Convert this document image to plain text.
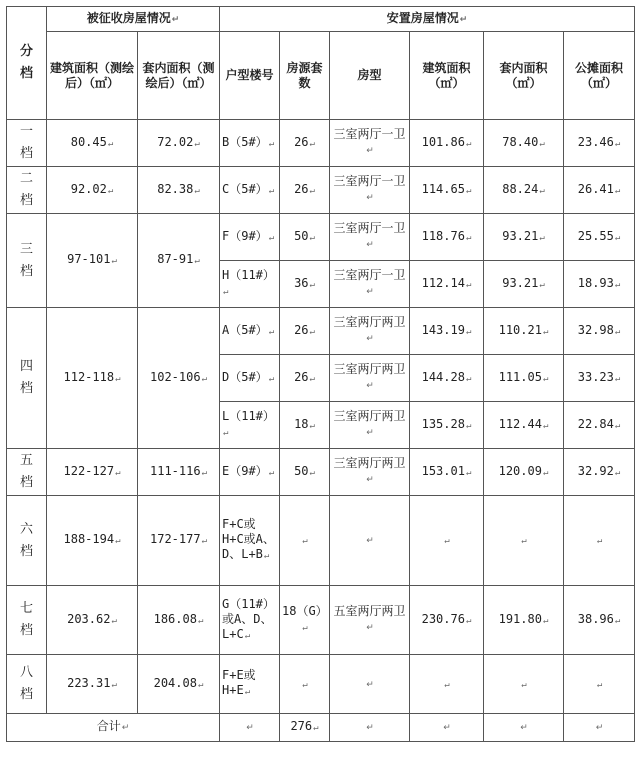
分档	被征收房屋情况↵		安置房屋情况↵					
	建筑面积（测绘后）（㎡）	套内面积（测绘后）（㎡）	户型楼号	房源套数	房型	建筑面积（㎡）	套内面积（㎡）	公摊面积（㎡）

一档	80.45↵	72.02↵	B（5#）↵	26↵	三室两厅一卫↵	101.86↵	78.40↵	23.46↵

二档	92.02↵	82.38↵	C（5#）↵	26↵	三室两厅一卫↵	114.65↵	88.24↵	26.41↵

三档	97-101↵	87-91↵	F（9#）↵	50↵	三室两厅一卫↵	118.76↵	93.21↵	25.55↵
			H（11#）↵	36↵	三室两厅一卫↵	112.14↵	93.21↵	18.93↵

四档	112-118↵	102-106↵	A（5#）↵	26↵	三室两厅两卫↵	143.19↵	110.21↵	32.98↵
			D（5#）↵	26↵	三室两厅两卫↵	144.28↵	111.05↵	33.23↵
			L（11#）↵	18↵	三室两厅两卫↵	135.28↵	112.44↵	22.84↵

五档	122-127↵	111-116↵	E（9#）↵	50↵	三室两厅两卫↵	153.01↵	120.09↵	32.92↵

六档	188-194↵	172-177↵	F+C或H+C或A、D、L+B↵	↵	↵	↵	↵	↵

七档	203.62↵	186.08↵	G（11#）或A、D、L+C↵	18（G）↵	五室两厅两卫↵	230.76↵	191.80↵	38.96↵

八档	223.31↵	204.08↵	F+E或H+E↵	↵	↵	↵	↵	↵
合计↵			↵	276↵	↵	↵	↵	↵
